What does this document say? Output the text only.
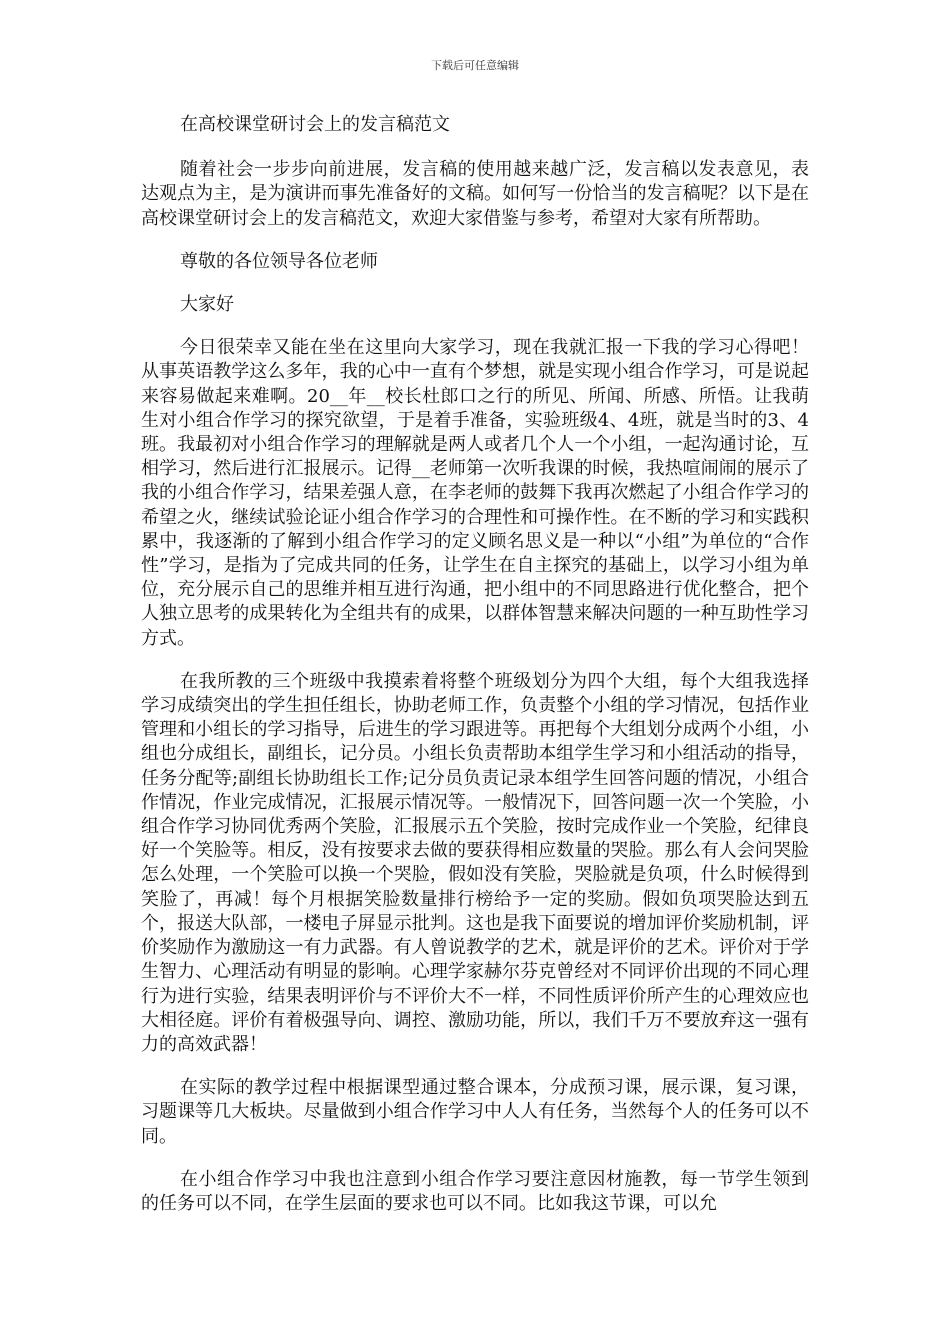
下载后可任意编辑

在高校课堂研讨会上的发言稿范文

随着社会一步步向前进展，发言稿的使用越来越广泛，发言稿以发表意见，表达观点为主，是为演讲而事先准备好的文稿。如何写一份恰当的发言稿呢？以下是在高校课堂研讨会上的发言稿范文，欢迎大家借鉴与参考，希望对大家有所帮助。

尊敬的各位领导各位老师

大家好

今日很荣幸又能在坐在这里向大家学习，现在我就汇报一下我的学习心得吧！从事英语教学这么多年，我的心中一直有个梦想，就是实现小组合作学习，可是说起来容易做起来难啊。20__年__校长杜郎口之行的所见、所闻、所感、所悟。让我萌生对小组合作学习的探究欲望，于是着手准备，实验班级4、4班，就是当时的3、4班。我最初对小组合作学习的理解就是两人或者几个人一个小组，一起沟通讨论，互相学习，然后进行汇报展示。记得__老师第一次听我课的时候，我热喧闹闹的展示了我的小组合作学习，结果差强人意，在李老师的鼓舞下我再次燃起了小组合作学习的希望之火，继续试验论证小组合作学习的合理性和可操作性。在不断的学习和实践积累中，我逐渐的了解到小组合作学习的定义顾名思义是一种以“小组”为单位的“合作性”学习，是指为了完成共同的任务，让学生在自主探究的基础上，以学习小组为单位，充分展示自己的思维并相互进行沟通，把小组中的不同思路进行优化整合，把个人独立思考的成果转化为全组共有的成果，以群体智慧来解决问题的一种互助性学习方式。

在我所教的三个班级中我摸索着将整个班级划分为四个大组，每个大组我选择学习成绩突出的学生担任组长，协助老师工作，负责整个小组的学习情况，包括作业管理和小组长的学习指导，后进生的学习跟进等。再把每个大组划分成两个小组，小组也分成组长，副组长，记分员。小组长负责帮助本组学生学习和小组活动的指导，任务分配等;副组长协助组长工作;记分员负责记录本组学生回答问题的情况，小组合作情况，作业完成情况，汇报展示情况等。一般情况下，回答问题一次一个笑脸，小组合作学习协同优秀两个笑脸，汇报展示五个笑脸，按时完成作业一个笑脸，纪律良好一个笑脸等。相反，没有按要求去做的要获得相应数量的哭脸。那么有人会问哭脸怎么处理，一个笑脸可以换一个哭脸，假如没有笑脸，哭脸就是负项，什么时候得到笑脸了，再减！每个月根据笑脸数量排行榜给予一定的奖励。假如负项哭脸达到五个，报送大队部，一楼电子屏显示批判。这也是我下面要说的增加评价奖励机制，评价奖励作为激励这一有力武器。有人曾说教学的艺术，就是评价的艺术。评价对于学生智力、心理活动有明显的影响。心理学家赫尔芬克曾经对不同评价出现的不同心理行为进行实验，结果表明评价与不评价大不一样，不同性质评价所产生的心理效应也大相径庭。评价有着极强导向、调控、激励功能，所以，我们千万不要放弃这一强有力的高效武器！

在实际的教学过程中根据课型通过整合课本，分成预习课，展示课，复习课，习题课等几大板块。尽量做到小组合作学习中人人有任务，当然每个人的任务可以不同。

在小组合作学习中我也注意到小组合作学习要注意因材施教，每一节学生领到的任务可以不同，在学生层面的要求也可以不同。比如我这节课，可以允
